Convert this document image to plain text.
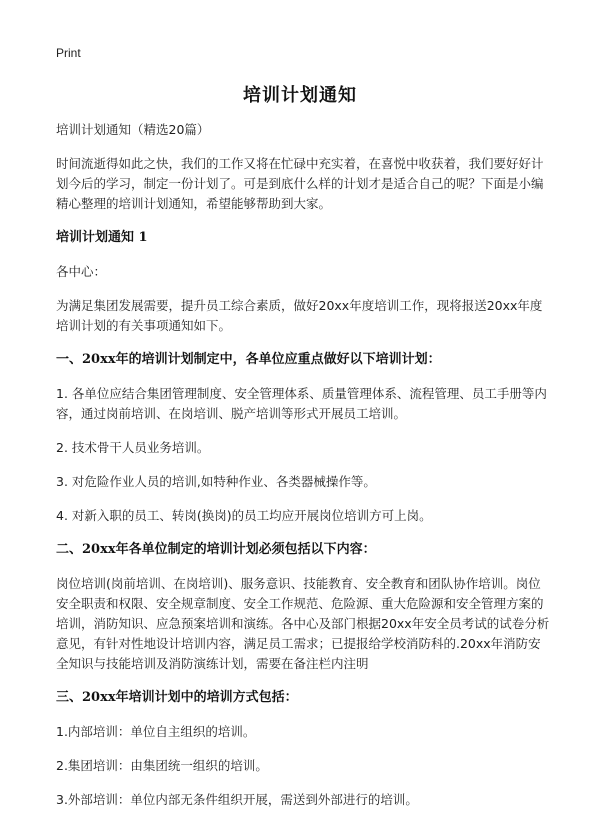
Print
培训计划通知

培训计划通知（精选20篇）

时间流逝得如此之快，我们的工作又将在忙碌中充实着，在喜悦中收获着，我们要好好计划今后的学习，制定一份计划了。可是到底什么样的计划才是适合自己的呢？下面是小编精心整理的培训计划通知，希望能够帮助到大家。

培训计划通知 1

各中心：

为满足集团发展需要，提升员工综合素质，做好20xx年度培训工作，现将报送20xx年度培训计划的有关事项通知如下。

一、20xx年的培训计划制定中，各单位应重点做好以下培训计划：

1. 各单位应结合集团管理制度、安全管理体系、质量管理体系、流程管理、员工手册等内容，通过岗前培训、在岗培训、脱产培训等形式开展员工培训。

2. 技术骨干人员业务培训。

3. 对危险作业人员的培训,如特种作业、各类器械操作等。

4. 对新入职的员工、转岗(换岗)的员工均应开展岗位培训方可上岗。

二、20xx年各单位制定的培训计划必须包括以下内容：

岗位培训(岗前培训、在岗培训)、服务意识、技能教育、安全教育和团队协作培训。岗位安全职责和权限、安全规章制度、安全工作规范、危险源、重大危险源和安全管理方案的培训，消防知识、应急预案培训和演练。各中心及部门根据20xx年安全员考试的试卷分析意见，有针对性地设计培训内容，满足员工需求；已提报给学校消防科的.20xx年消防安全知识与技能培训及消防演练计划，需要在备注栏内注明

三、20xx年培训计划中的培训方式包括：

1.内部培训：单位自主组织的培训。

2.集团培训：由集团统一组织的培训。

3.外部培训：单位内部无条件组织开展，需送到外部进行的培训。
